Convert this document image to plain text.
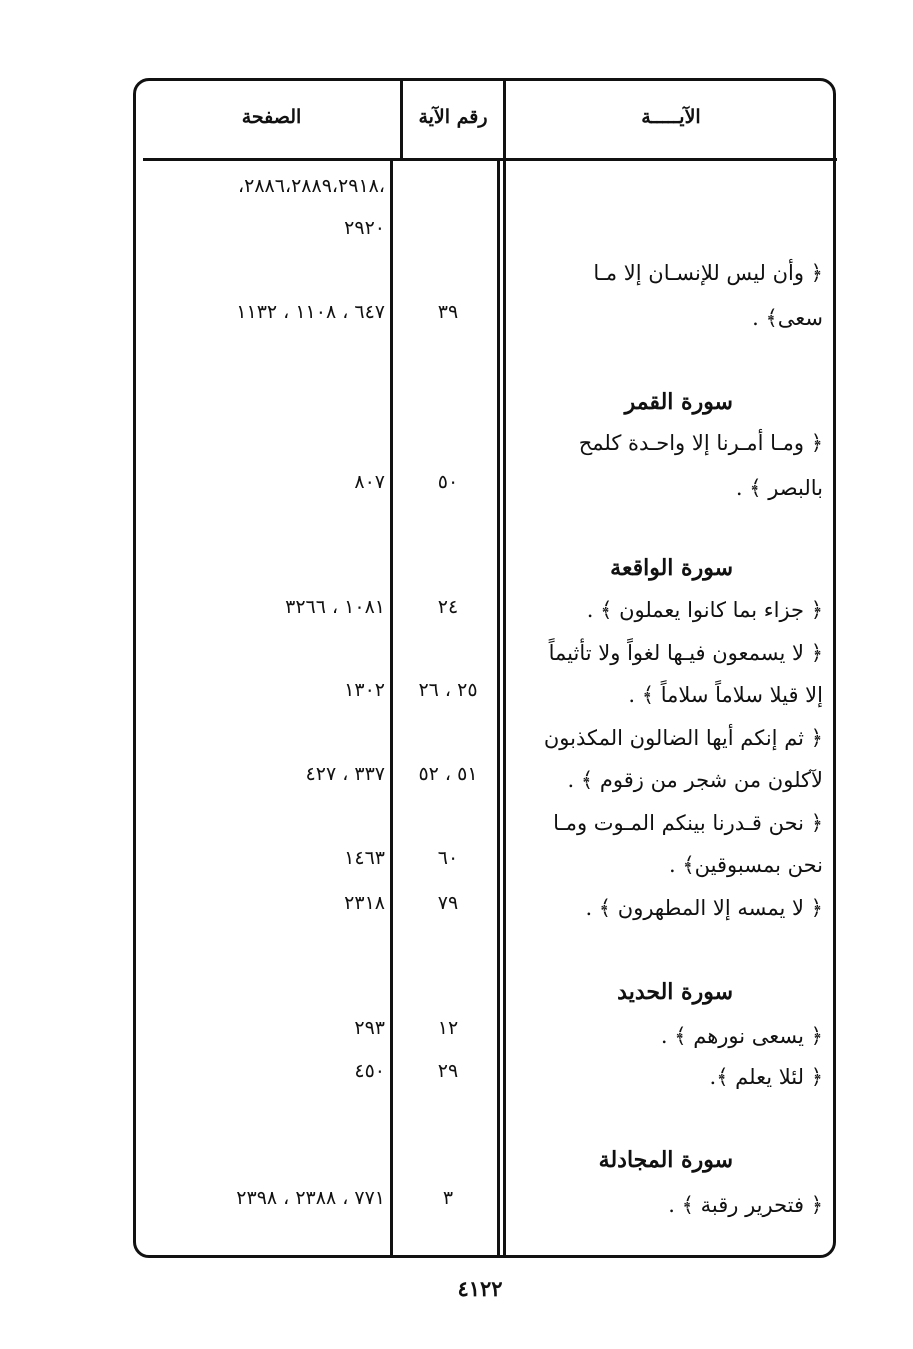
الآيـــــة
رقم الآية
الصفحة
،٢٨٨٦،٢٨٨٩،٢٩١٨،
٢٩٢٠
﴿ وأن ليس للإنسـان إلا مـا
سعى﴾ .
٣٩
٦٤٧ ، ١١٠٨ ، ١١٣٢
سورة القمر
﴿ ومـا أمـرنا إلا واحـدة كلمح
بالبصر ﴾ .
٥٠
٨٠٧
سورة الواقعة
﴿ جزاء بما كانوا يعملون ﴾ .
٢٤
١٠٨١ ، ٣٢٦٦
﴿ لا يسمعون فيـها لغواً ولا تأثيماً
إلا قيلا سلاماً سلاماً ﴾ .
٢٥ ، ٢٦
١٣٠٢
﴿ ثم إنكم أيها الضالون المكذبون
لآكلون من شجر من زقوم ﴾ .
٥١ ، ٥٢
٣٣٧ ، ٤٢٧
﴿ نحن قـدرنا بينكم المـوت ومـا
نحن بمسبوقين﴾ .
٦٠
١٤٦٣
﴿ لا يمسه إلا المطهرون ﴾ .
٧٩
٢٣١٨
سورة الحديد
﴿ يسعى نورهم ﴾ .
١٢
٢٩٣
﴿ لئلا يعلم ﴾.
٢٩
٤٥٠
سورة المجادلة
﴿ فتحرير رقبة ﴾ .
٣
٧٧١ ، ٢٣٨٨ ، ٢٣٩٨
٤١٢٢
